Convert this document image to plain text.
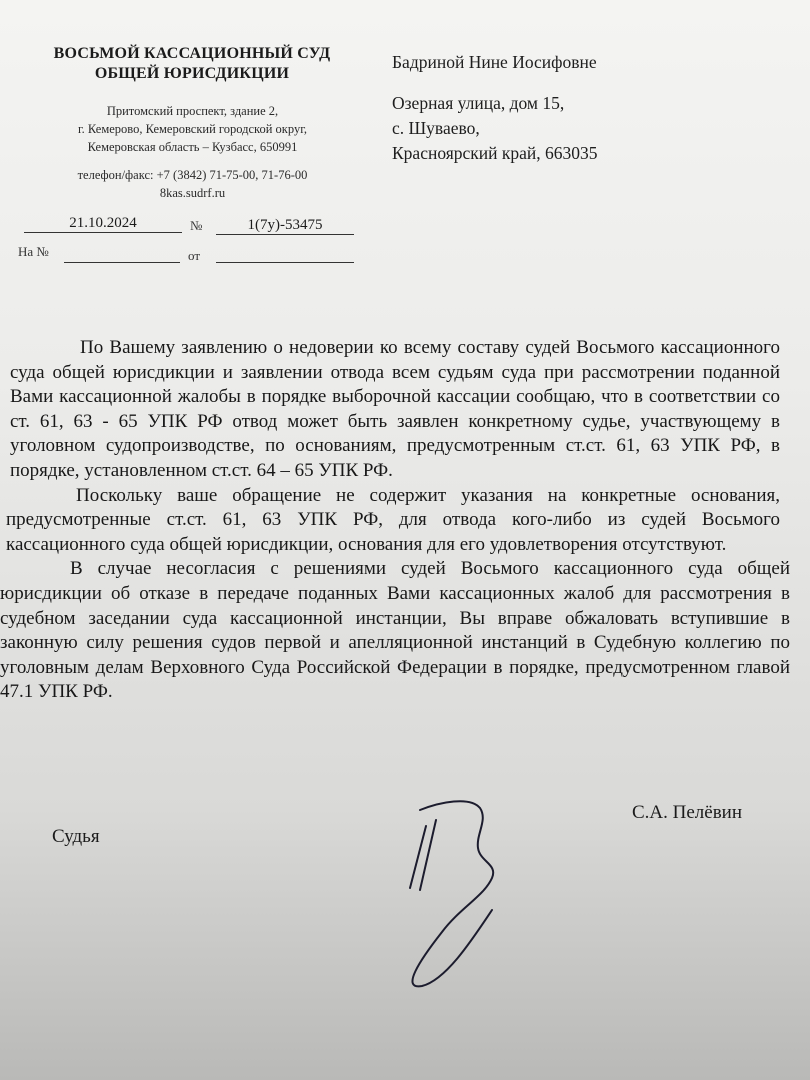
ВОСЬМОЙ КАССАЦИОННЫЙ СУД
ОБЩЕЙ ЮРИСДИКЦИИ
Притомский проспект, здание 2,
г. Кемерово, Кемеровский городской округ,
Кемеровская область – Кузбасс, 650991
телефон/факс: +7 (3842) 71-75-00, 71-76-00
8kas.sudrf.ru
21.10.2024	№	1(7у)-53475
На №	от
Бадриной Нине Иосифовне
Озерная улица, дом 15,
с. Шуваево,
Красноярский край, 663035

По Вашему заявлению о недоверии ко всему составу судей Восьмого кассационного суда общей юрисдикции и заявлении отвода всем судьям суда при рассмотрении поданной Вами кассационной жалобы в порядке выборочной кассации сообщаю, что в соответствии со ст. 61, 63 - 65 УПК РФ отвод может быть заявлен конкретному судье, участвующему в уголовном судопроизводстве, по основаниям, предусмотренным ст.ст. 61, 63 УПК РФ, в порядке, установленном ст.ст. 64 – 65 УПК РФ.

Поскольку ваше обращение не содержит указания на конкретные основания, предусмотренные ст.ст. 61, 63 УПК РФ, для отвода кого-либо из судей Восьмого кассационного суда общей юрисдикции, основания для его удовлетворения отсутствуют.

В случае несогласия с решениями судей Восьмого кассационного суда общей юрисдикции об отказе в передаче поданных Вами кассационных жалоб для рассмотрения в судебном заседании суда кассационной инстанции, Вы вправе обжаловать вступившие в законную силу решения судов первой и апелляционной инстанций в Судебную коллегию по уголовным делам Верховного Суда Российской Федерации в порядке, предусмотренном главой 47.1 УПК РФ.

Судья
С.А. Пелёвин
